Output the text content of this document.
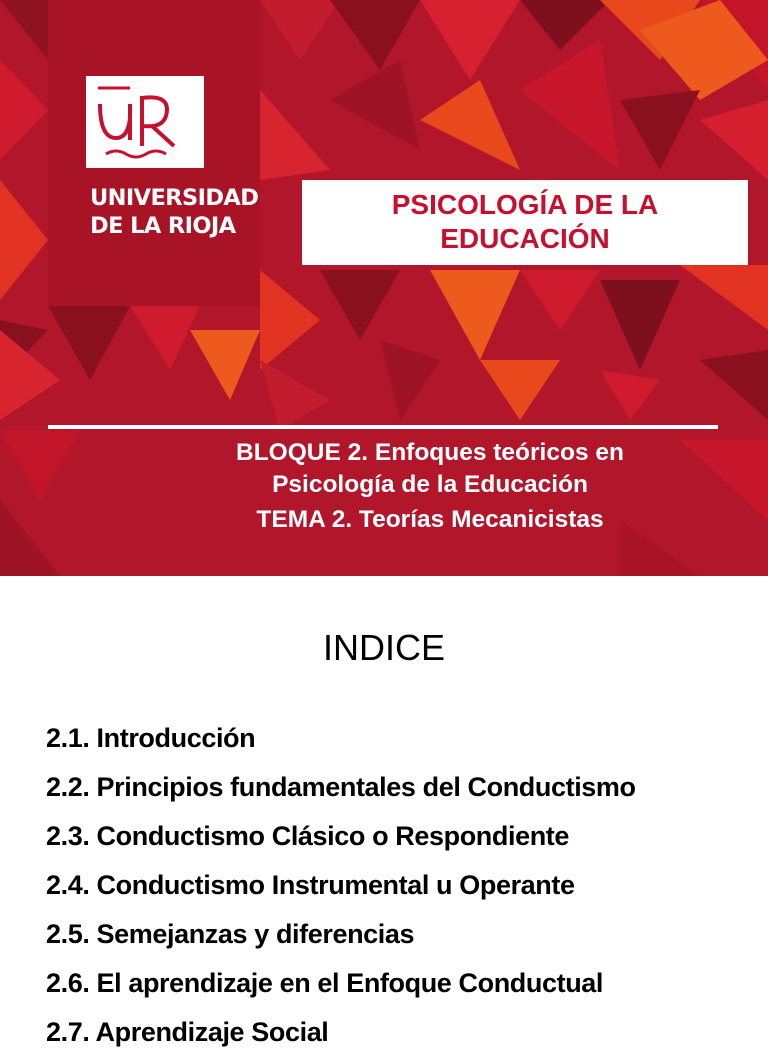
UNIVERSIDAD
DE LA RIOJA
PSICOLOGÍA DE LA
EDUCACIÓN
BLOQUE 2. Enfoques teóricos en
Psicología de la Educación
TEMA 2. Teorías Mecanicistas
INDICE
2.1. Introducción
2.2. Principios fundamentales del Conductismo
2.3. Conductismo Clásico o Respondiente
2.4. Conductismo Instrumental u Operante
2.5. Semejanzas y diferencias
2.6. El aprendizaje en el Enfoque Conductual
2.7. Aprendizaje Social
